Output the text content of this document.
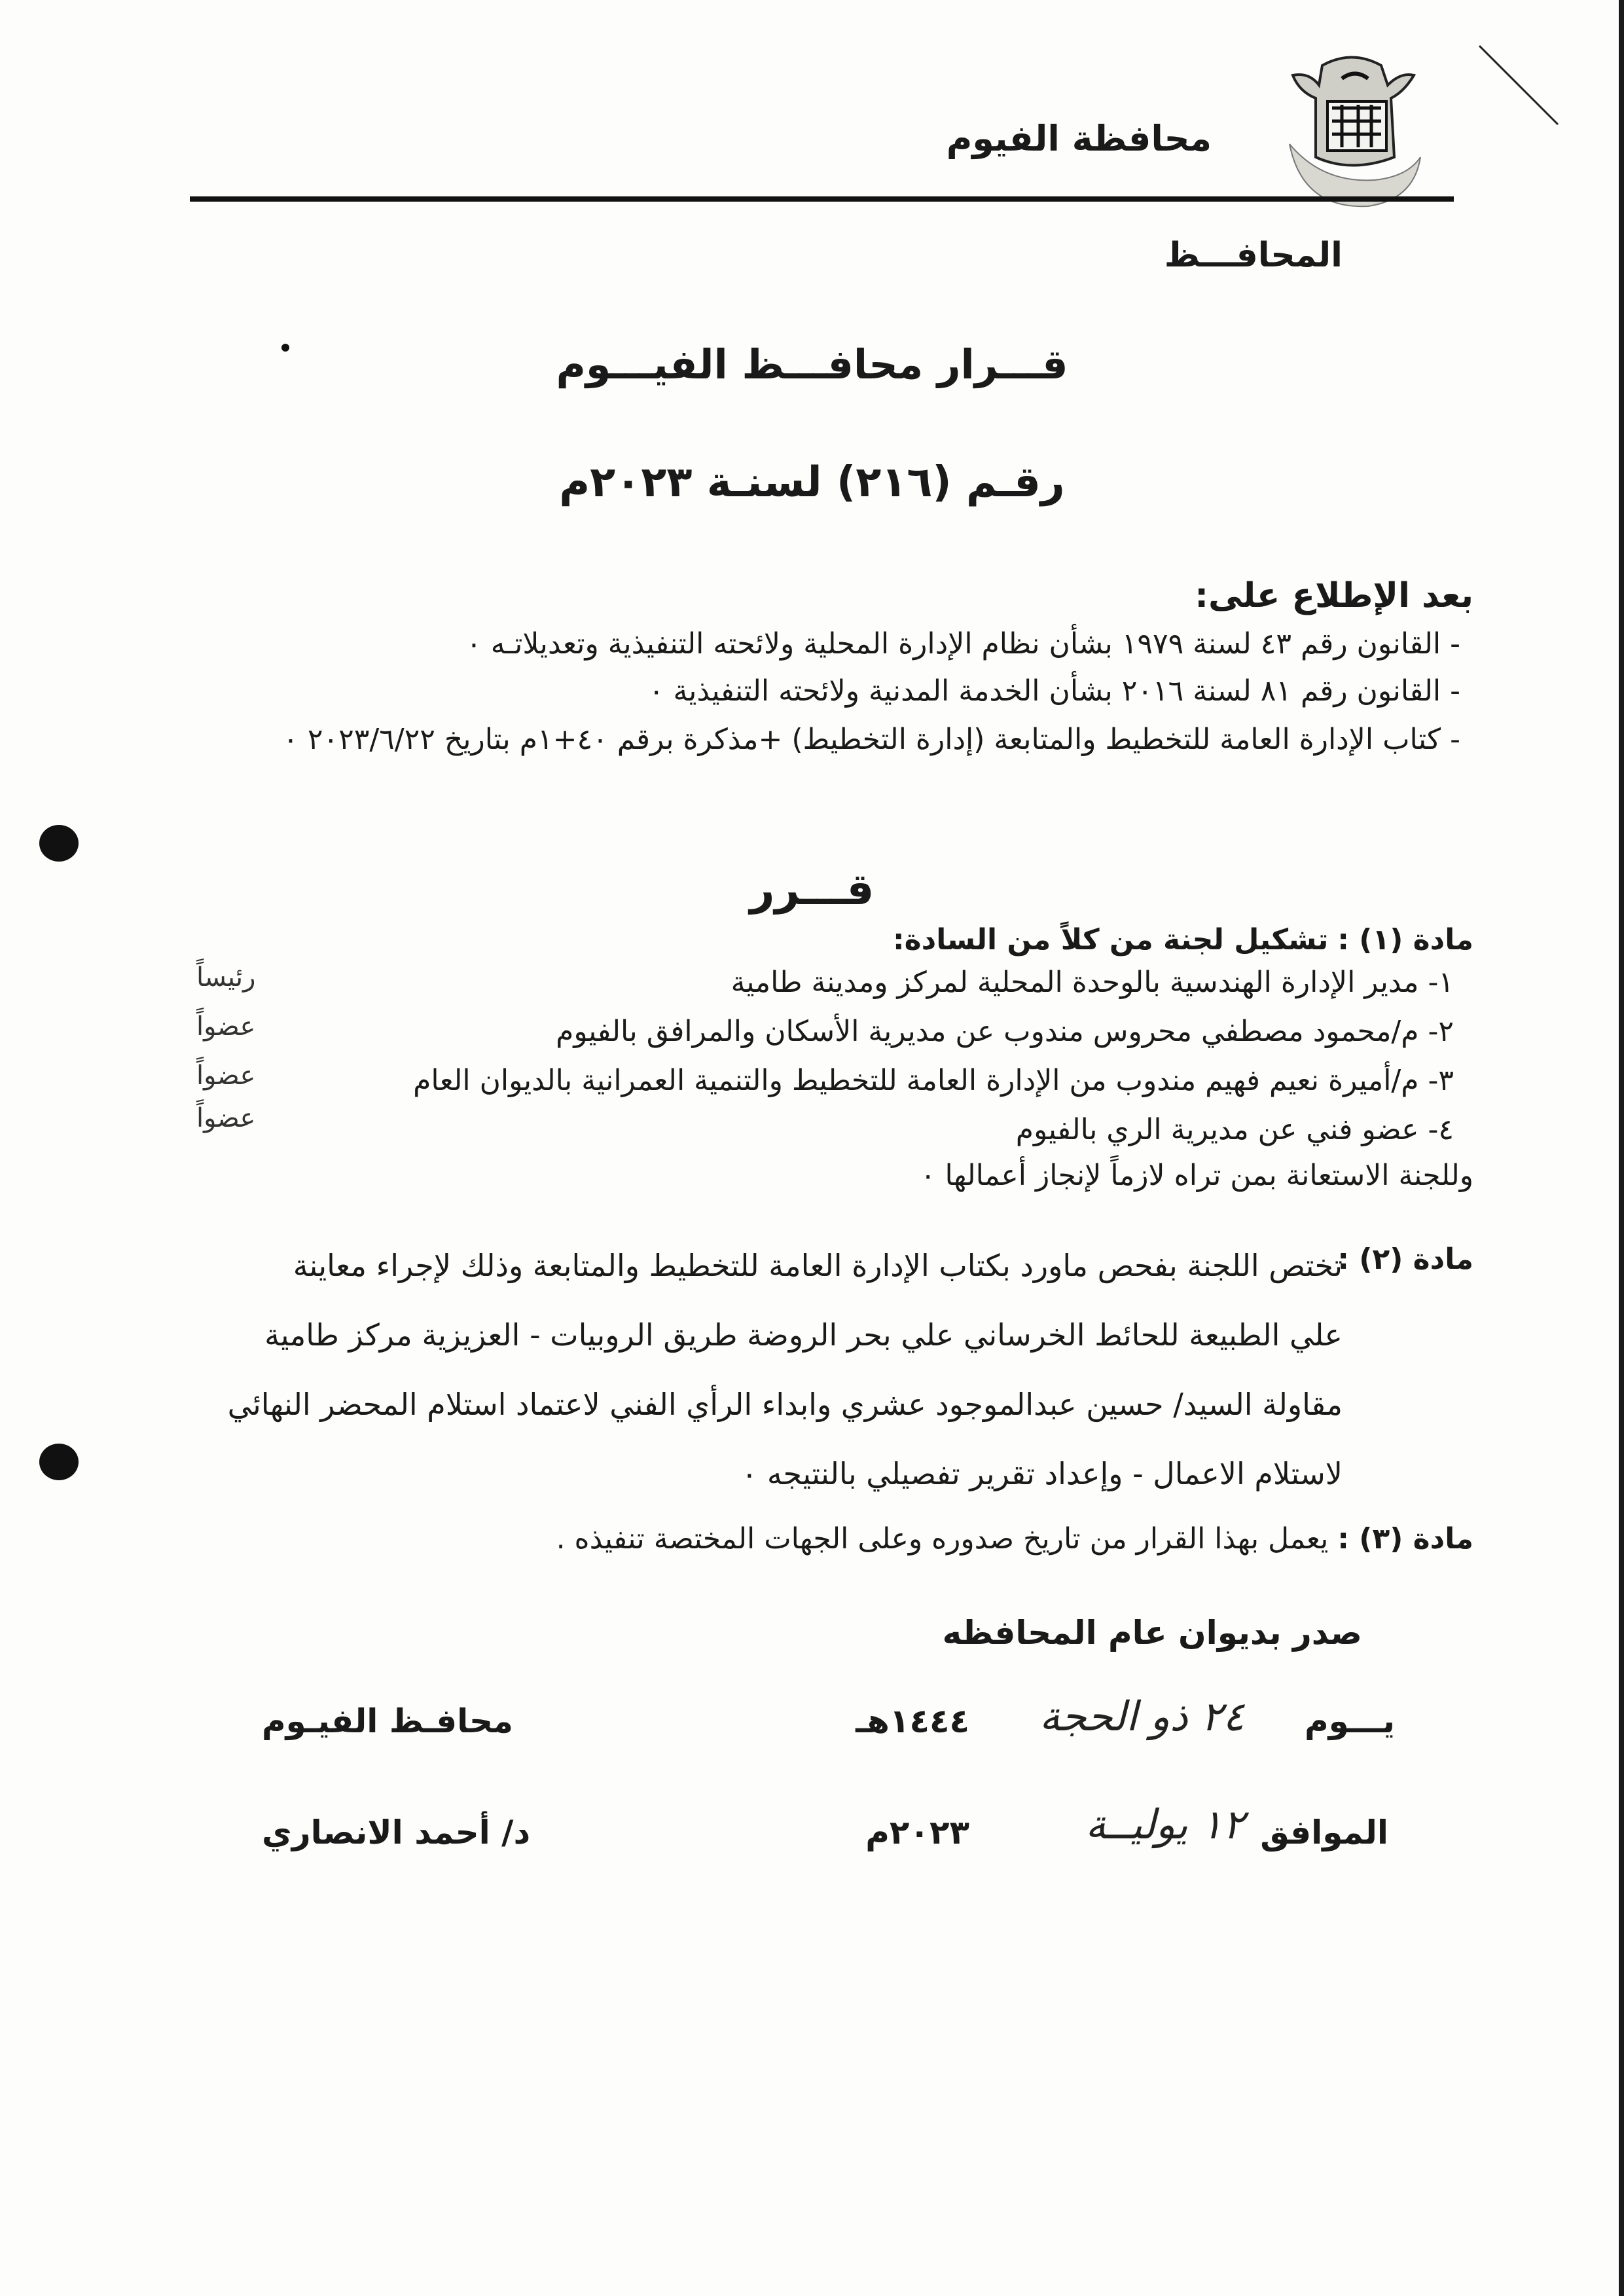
محافظة الفيوم
المحافـــظ
قـــرار محافـــظ الفيـــوم
رقـم (٢١٦) لسنـة ٢٠٢٣م
بعد الإطلاع على:
- القانون رقم ٤٣ لسنة ١٩٧٩ بشأن نظام الإدارة المحلية ولائحته التنفيذية وتعديلاتـه ٠
- القانون رقم ٨١ لسنة ٢٠١٦ بشأن الخدمة المدنية ولائحته التنفيذية ٠
- كتاب الإدارة العامة للتخطيط والمتابعة (إدارة التخطيط) +مذكرة برقم ٤٠+١م بتاريخ ٢٠٢٣/٦/٢٢ ٠
قـــرر
مادة (١) : تشكيل لجنة من كلاً من السادة:
١- مدير الإدارة الهندسية بالوحدة المحلية لمركز ومدينة طامية
رئيساً
٢- م/محمود مصطفي محروس مندوب عن مديرية الأسكان والمرافق بالفيوم
عضواً
٣- م/أميرة نعيم فهيم مندوب من الإدارة العامة للتخطيط والتنمية العمرانية بالديوان العام
عضواً
٤- عضو فني عن مديرية الري بالفيوم
عضواً
وللجنة الاستعانة بمن تراه لازماً لإنجاز أعمالها ٠
مادة (٢) :
تختص اللجنة بفحص ماورد بكتاب الإدارة العامة للتخطيط والمتابعة وذلك لإجراء معاينة
علي الطبيعة للحائط الخرساني علي بحر الروضة طريق الروبيات - العزيزية مركز طامية
مقاولة السيد/ حسين عبدالموجود عشري وابداء الرأي الفني لاعتماد استلام المحضر النهائي
لاستلام الاعمال - وإعداد تقرير تفصيلي بالنتيجه ٠
مادة (٣) : يعمل بهذا القرار من تاريخ صدوره وعلى الجهات المختصة تنفيذه .
صدر بديوان عام المحافظه
يـــوم
٢٤ ذو الحجة
١٤٤٤هـ
محافـظ الفيـوم
الموافق
١٢ يوليــة
٢٠٢٣م
د/ أحمد الانصاري
